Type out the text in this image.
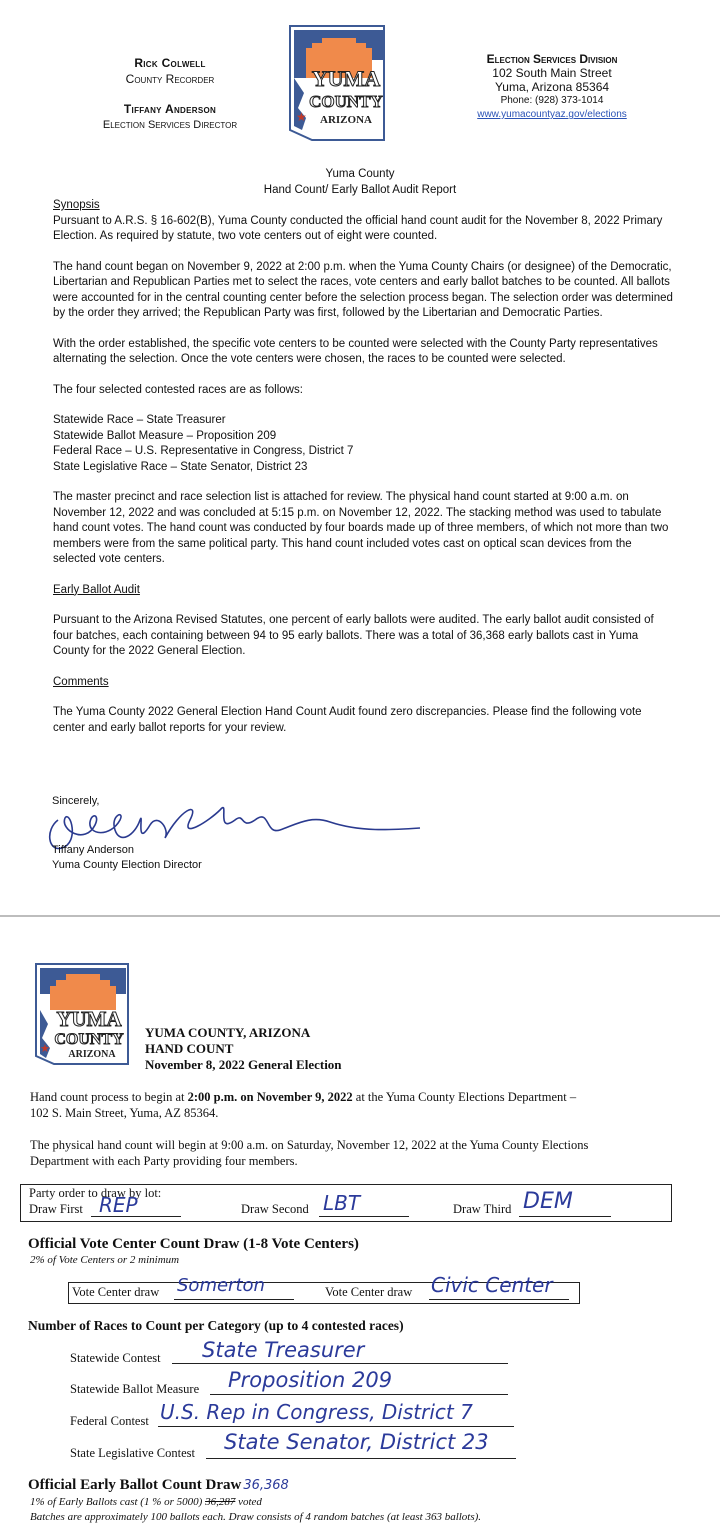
Rick Colwell
County Recorder
Tiffany Anderson
Election Services Director
YUMA
COUNTY
ARIZONA
★
Election Services Division
102 South Main Street
Yuma, Arizona 85364
Phone: (928) 373-1014
www.yumacountyaz.gov/elections
Yuma County
Hand Count/ Early Ballot Audit Report

Synopsis

Pursuant to A.R.S. § 16-602(B), Yuma County conducted the official hand count audit for the November 8, 2022 Primary Election. As required by statute, two vote centers out of eight were counted.

The hand count began on November 9, 2022 at 2:00 p.m. when the Yuma County Chairs (or designee) of the Democratic, Libertarian and Republican Parties met to select the races, vote centers and early ballot batches to be counted. All ballots were accounted for in the central counting center before the selection process began. The selection order was determined by the order they arrived; the Republican Party was first, followed by the Libertarian and Democratic Parties.

With the order established, the specific vote centers to be counted were selected with the County Party representatives alternating the selection. Once the vote centers were chosen, the races to be counted were selected.

The four selected contested races are as follows:

Statewide Race – State Treasurer

Statewide Ballot Measure – Proposition 209

Federal Race – U.S. Representative in Congress, District 7

State Legislative Race – State Senator, District 23

The master precinct and race selection list is attached for review. The physical hand count started at 9:00 a.m. on November 12, 2022 and was concluded at 5:15 p.m. on November 12, 2022. The stacking method was used to tabulate hand count votes. The hand count was conducted by four boards made up of three members, of which not more than two members were from the same political party. This hand count included votes cast on optical scan devices from the selected vote centers.

Early Ballot Audit

Pursuant to the Arizona Revised Statutes, one percent of early ballots were audited. The early ballot audit consisted of four batches, each containing between 94 to 95 early ballots. There was a total of 36,368 early ballots cast in Yuma County for the 2022 General Election.

Comments

The Yuma County 2022 General Election Hand Count Audit found zero discrepancies. Please find the following vote center and early ballot reports for your review.

Sincerely,
Tiffany Anderson
Yuma County Election Director
YUMA
COUNTY
ARIZONA
★
YUMA COUNTY, ARIZONA
HAND COUNT
November 8, 2022 General Election
Hand count process to begin at 2:00 p.m. on November 9, 2022 at the Yuma County Elections Department –
102 S. Main Street, Yuma, AZ 85364.
The physical hand count will begin at 9:00 a.m. on Saturday, November 12, 2022 at the Yuma County Elections
Department with each Party providing four members.
Party order to draw by lot:
Draw First REP	Draw Second LBT	Draw Third DEM
Official Vote Center Count Draw (1-8 Vote Centers)
2% of Vote Centers or 2 minimum
Vote Center draw Somerton	Vote Center draw Civic Center
Number of Races to Count per Category (up to 4 contested races)
Statewide Contest State Treasurer
Statewide Ballot Measure Proposition 209
Federal Contest U.S. Rep in Congress, District 7
State Legislative Contest State Senator, District 23
Official Early Ballot Count Draw 36,368
1% of Early Ballots cast (1 % or 5000) 36,287 voted
Batches are approximately 100 ballots each. Draw consists of 4 random batches (at least 363 ballots).
